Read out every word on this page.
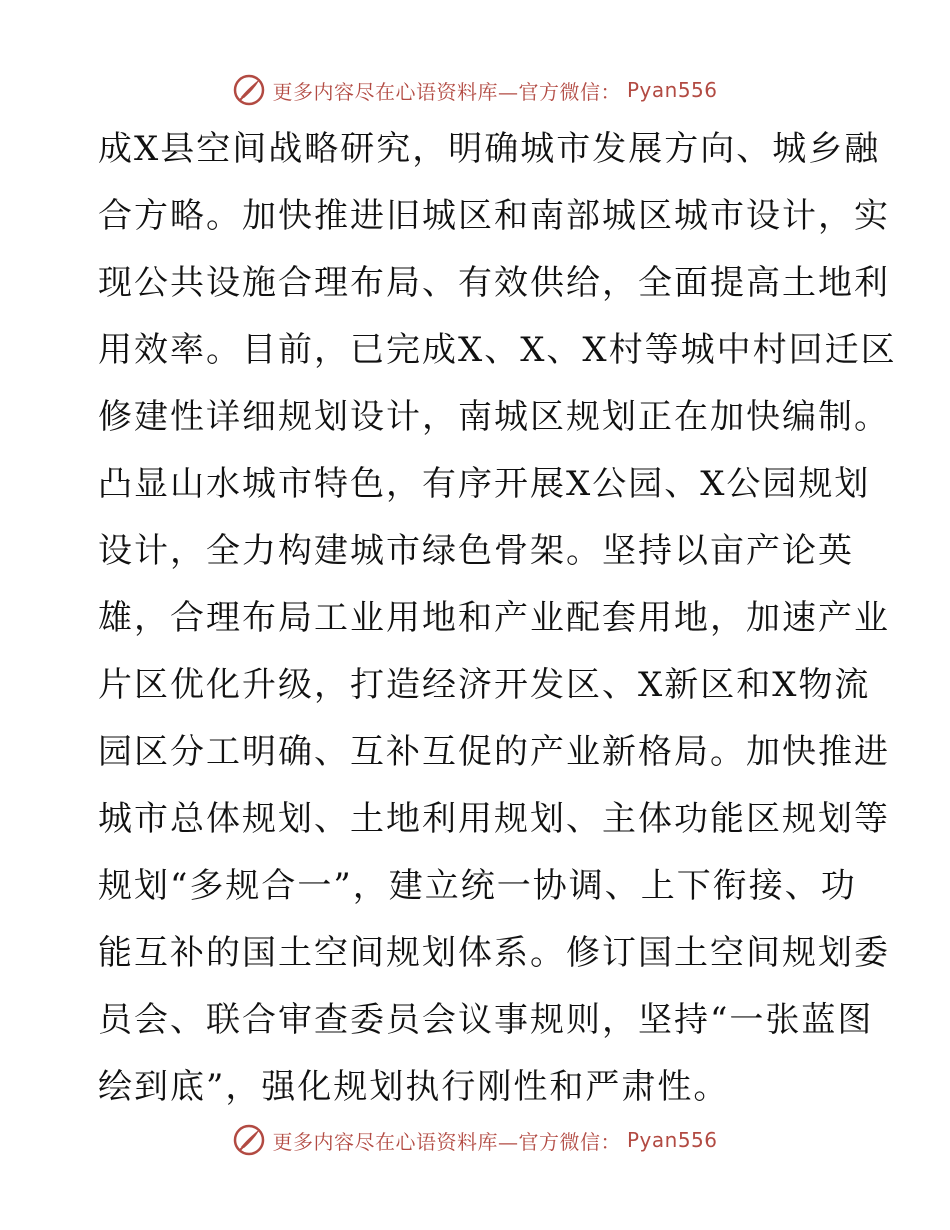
更多内容尽在心语资料库—官方微信： Pyan556
成X县空间战略研究，明确城市发展方向、城乡融
合方略。加快推进旧城区和南部城区城市设计，实
现公共设施合理布局、有效供给，全面提高土地利
用效率。目前，已完成X、X、X村等城中村回迁区
修建性详细规划设计，南城区规划正在加快编制。
凸显山水城市特色，有序开展X公园、X公园规划
设计，全力构建城市绿色骨架。坚持以亩产论英
雄，合理布局工业用地和产业配套用地，加速产业
片区优化升级，打造经济开发区、X新区和X物流
园区分工明确、互补互促的产业新格局。加快推进
城市总体规划、土地利用规划、主体功能区规划等
规划“多规合一”，建立统一协调、上下衔接、功
能互补的国土空间规划体系。修订国土空间规划委
员会、联合审查委员会议事规则，坚持“一张蓝图
绘到底”，强化规划执行刚性和严肃性。
更多内容尽在心语资料库—官方微信： Pyan556
